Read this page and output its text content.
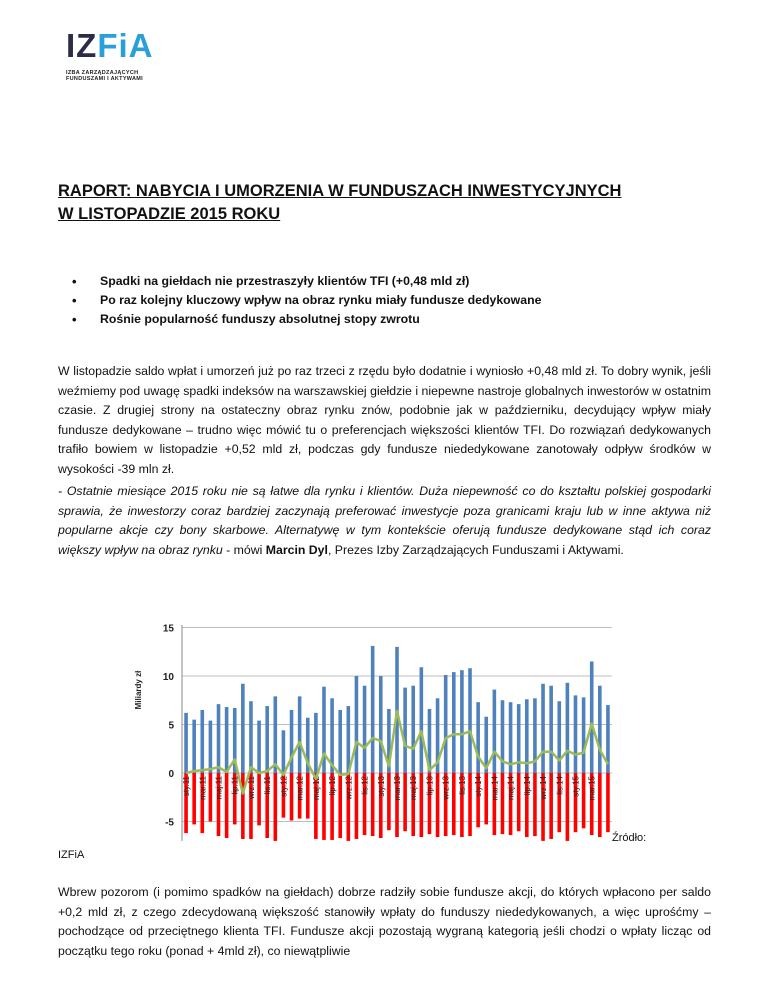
IZFiA
IZBA ZARZĄDZAJĄCYCH
FUNDUSZAMI I AKTYWAMI
RAPORT: NABYCIA I UMORZENIA W FUNDUSZACH INWESTYCYJNYCH
W LISTOPADZIE 2015 ROKU
• Spadki na giełdach nie przestraszyły klientów TFI (+0,48 mld zł)
• Po raz kolejny kluczowy wpływ na obraz rynku miały fundusze dedykowane
• Rośnie popularność funduszy absolutnej stopy zwrotu

W listopadzie saldo wpłat i umorzeń już po raz trzeci z rzędu było dodatnie i wyniosło +0,48 mld zł. To dobry wynik, jeśli weźmiemy pod uwagę spadki indeksów na warszawskiej giełdzie i niepewne nastroje globalnych inwestorów w ostatnim czasie. Z drugiej strony na ostateczny obraz rynku znów, podobnie jak w październiku, decydujący wpływ miały fundusze dedykowane – trudno więc mówić tu o preferencjach większości klientów TFI. Do rozwiązań dedykowanych trafiło bowiem w listopadzie +0,52 mld zł, podczas gdy fundusze niededykowane zanotowały odpływ środków w wysokości -39 mln zł.

- Ostatnie miesiące 2015 roku nie są łatwe dla rynku i klientów. Duża niepewność co do kształtu polskiej gospodarki sprawia, że inwestorzy coraz bardziej zaczynają preferować inwestycje poza granicami kraju lub w inne aktywa niż popularne akcje czy bony skarbowe. Alternatywę w tym kontekście oferują fundusze dedykowane stąd ich coraz większy wpływ na obraz rynku - mówi Marcin Dyl, Prezes Izby Zarządzających Funduszami i Aktywami.

-5
0
5
10
15
Miliardy zł
sty.11 mar.11 maj.11 lip.11 wrz.11 lis.11 sty.12 mar.12 maj.12 lip.12 wrz.12 lis.12 sty.13 mar.13 maj.13 lip.13 wrz.13 lis.13 sty.14 mar.14 maj.14 lip.14 wrz.14 lis.14 sty.15 mar.15
Źródło:
IZFiA

Wbrew pozorom (i pomimo spadków na giełdach) dobrze radziły sobie fundusze akcji, do których wpłacono per saldo +0,2 mld zł, z czego zdecydowaną większość stanowiły wpłaty do funduszy niededykowanych, a więc uprośćmy – pochodzące od przeciętnego klienta TFI. Fundusze akcji pozostają wygraną kategorią jeśli chodzi o wpłaty licząc od początku tego roku (ponad + 4mld zł), co niewątpliwie
